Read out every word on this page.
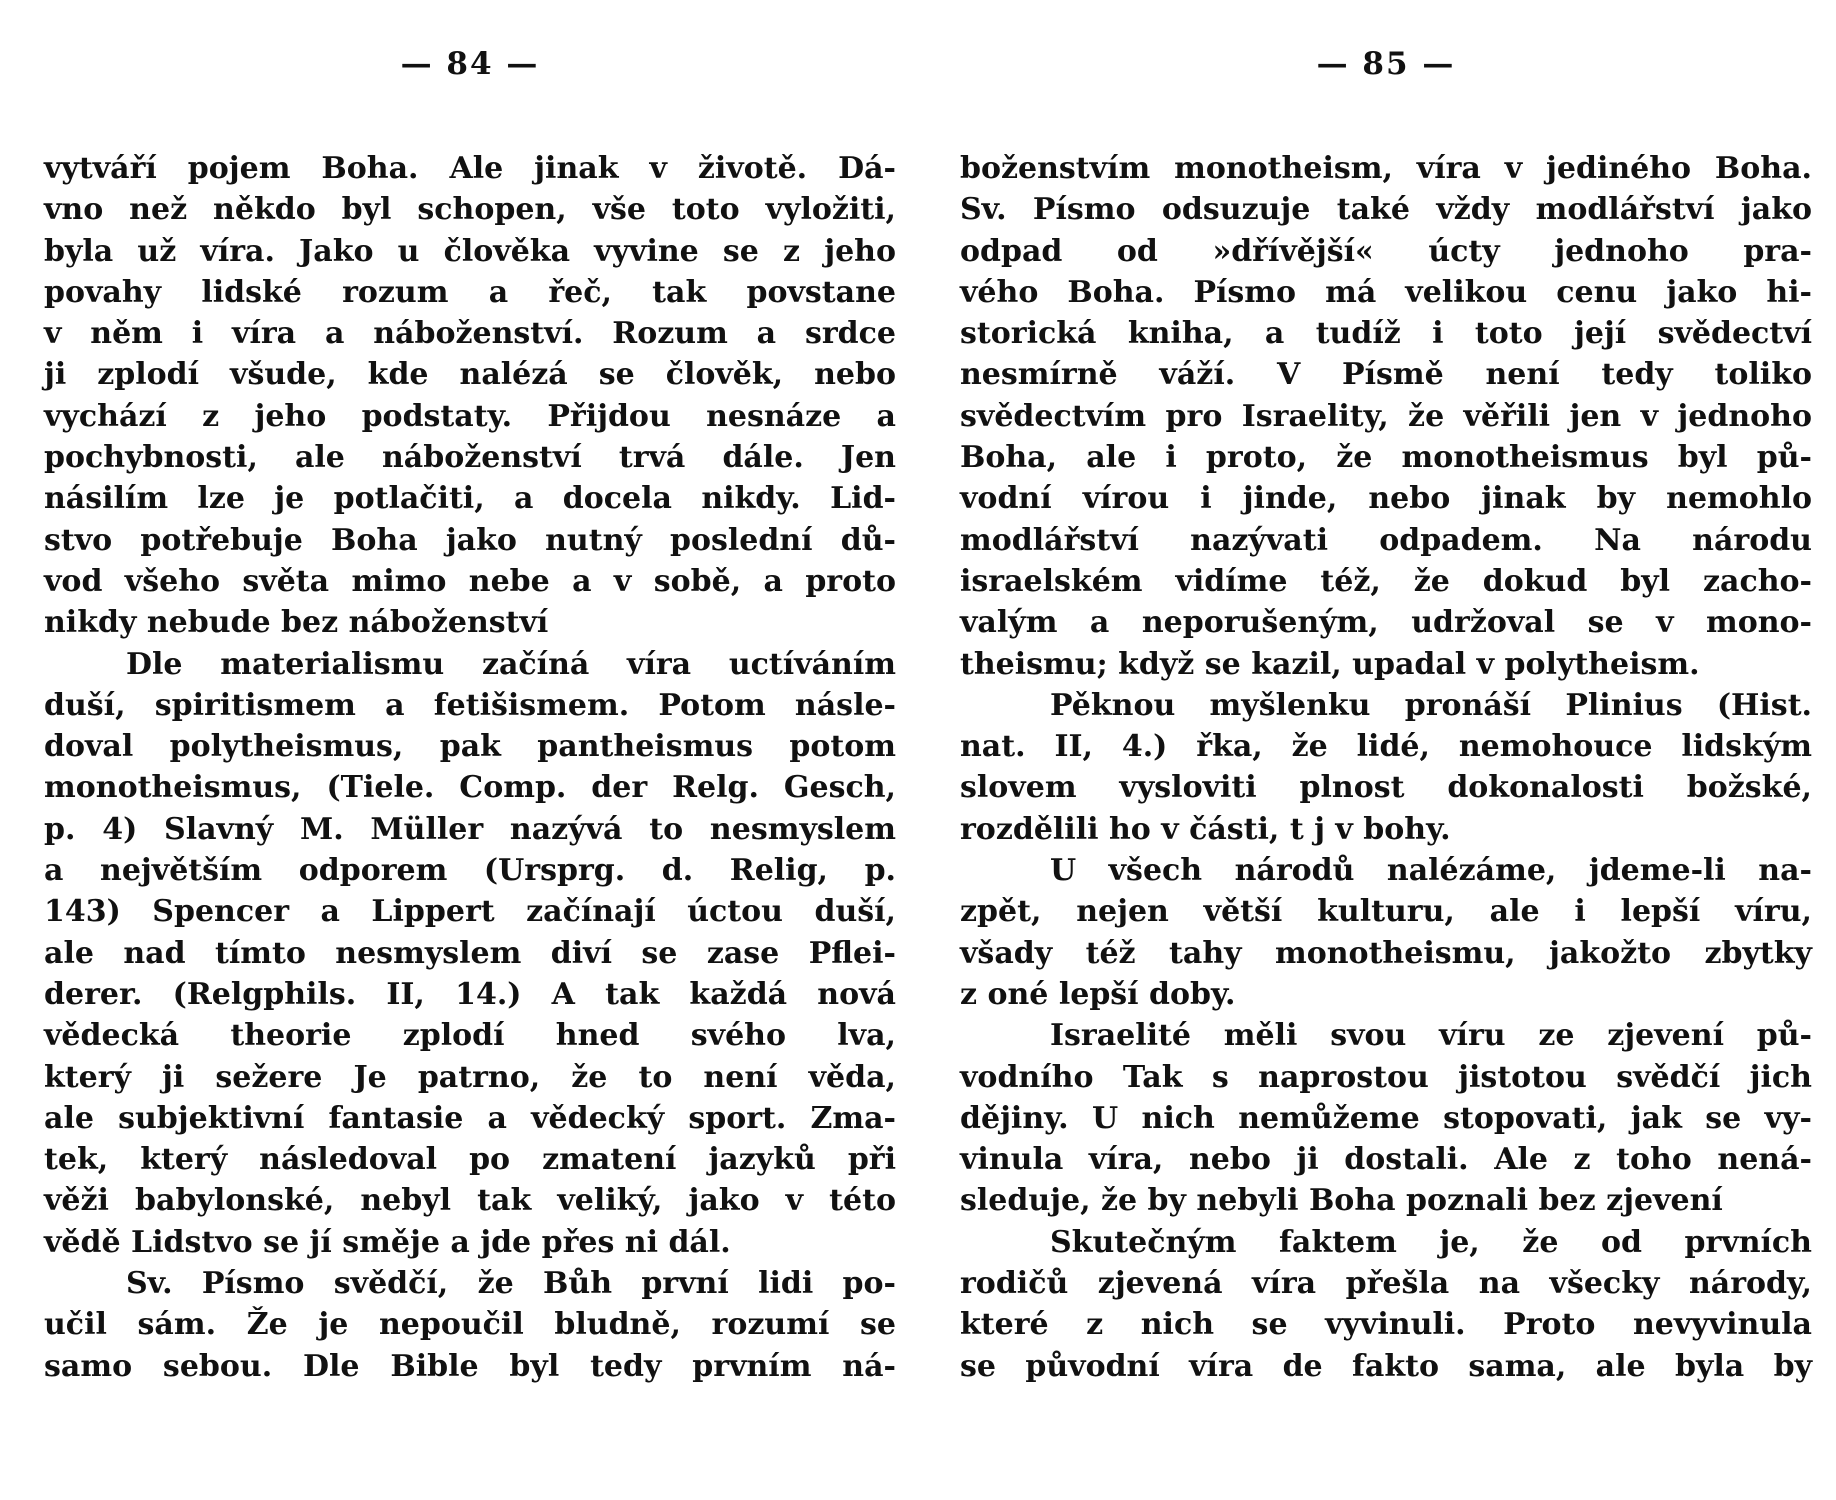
— 84 —
vytváří pojem Boha. Ale jinak v životě. Dá-
vno než někdo byl schopen, vše toto vyložiti,
byla už víra. Jako u člověka vyvine se z jeho
povahy lidské rozum a řeč, tak povstane
v něm i víra a náboženství. Rozum a srdce
ji zplodí všude, kde nalézá se člověk, nebo
vychází z jeho podstaty. Přijdou nesnáze a
pochybnosti, ale náboženství trvá dále. Jen
násilím lze je potlačiti, a docela nikdy. Lid-
stvo potřebuje Boha jako nutný poslední dů-
vod všeho světa mimo nebe a v sobě, a proto
nikdy nebude bez náboženství
Dle materialismu začíná víra uctíváním
duší, spiritismem a fetišismem. Potom násle-
doval polytheismus, pak pantheismus potom
monotheismus, (Tiele. Comp. der Relg. Gesch,
p. 4) Slavný M. Müller nazývá to nesmyslem
a největším odporem (Ursprg. d. Relig, p.
143) Spencer a Lippert začínají úctou duší,
ale nad tímto nesmyslem diví se zase Pflei-
derer. (Relgphils. II, 14.) A tak každá nová
vědecká theorie zplodí hned svého lva,
který ji sežere Je patrno, že to není věda,
ale subjektivní fantasie a vědecký sport. Zma-
tek, který následoval po zmatení jazyků při
věži babylonské, nebyl tak veliký, jako v této
vědě Lidstvo se jí směje a jde přes ni dál.
Sv. Písmo svědčí, že Bůh první lidi po-
učil sám. Že je nepoučil bludně, rozumí se
samo sebou. Dle Bible byl tedy prvním ná-
— 85 —
boženstvím monotheism, víra v jediného Boha.
Sv. Písmo odsuzuje také vždy modlářství jako
odpad od »dřívější« úcty jednoho pra-
vého Boha. Písmo má velikou cenu jako hi-
storická kniha, a tudíž i toto její svědectví
nesmírně váží. V Písmě není tedy toliko
svědectvím pro Israelity, že věřili jen v jednoho
Boha, ale i proto, že monotheismus byl pů-
vodní vírou i jinde, nebo jinak by nemohlo
modlářství nazývati odpadem. Na národu
israelském vidíme též, že dokud byl zacho-
valým a neporušeným, udržoval se v mono-
theismu; když se kazil, upadal v polytheism.
Pěknou myšlenku pronáší Plinius (Hist.
nat. II, 4.) řka, že lidé, nemohouce lidským
slovem vysloviti plnost dokonalosti božské,
rozdělili ho v části, t j v bohy.
U všech národů nalézáme, jdeme-li na-
zpět, nejen větší kulturu, ale i lepší víru,
všady též tahy monotheismu, jakožto zbytky
z oné lepší doby.
Israelité měli svou víru ze zjevení pů-
vodního Tak s naprostou jistotou svědčí jich
dějiny. U nich nemůžeme stopovati, jak se vy-
vinula víra, nebo ji dostali. Ale z toho nená-
sleduje, že by nebyli Boha poznali bez zjevení
Skutečným faktem je, že od prvních
rodičů zjevená víra přešla na všecky národy,
které z nich se vyvinuli. Proto nevyvinula
se původní víra de fakto sama, ale byla by
